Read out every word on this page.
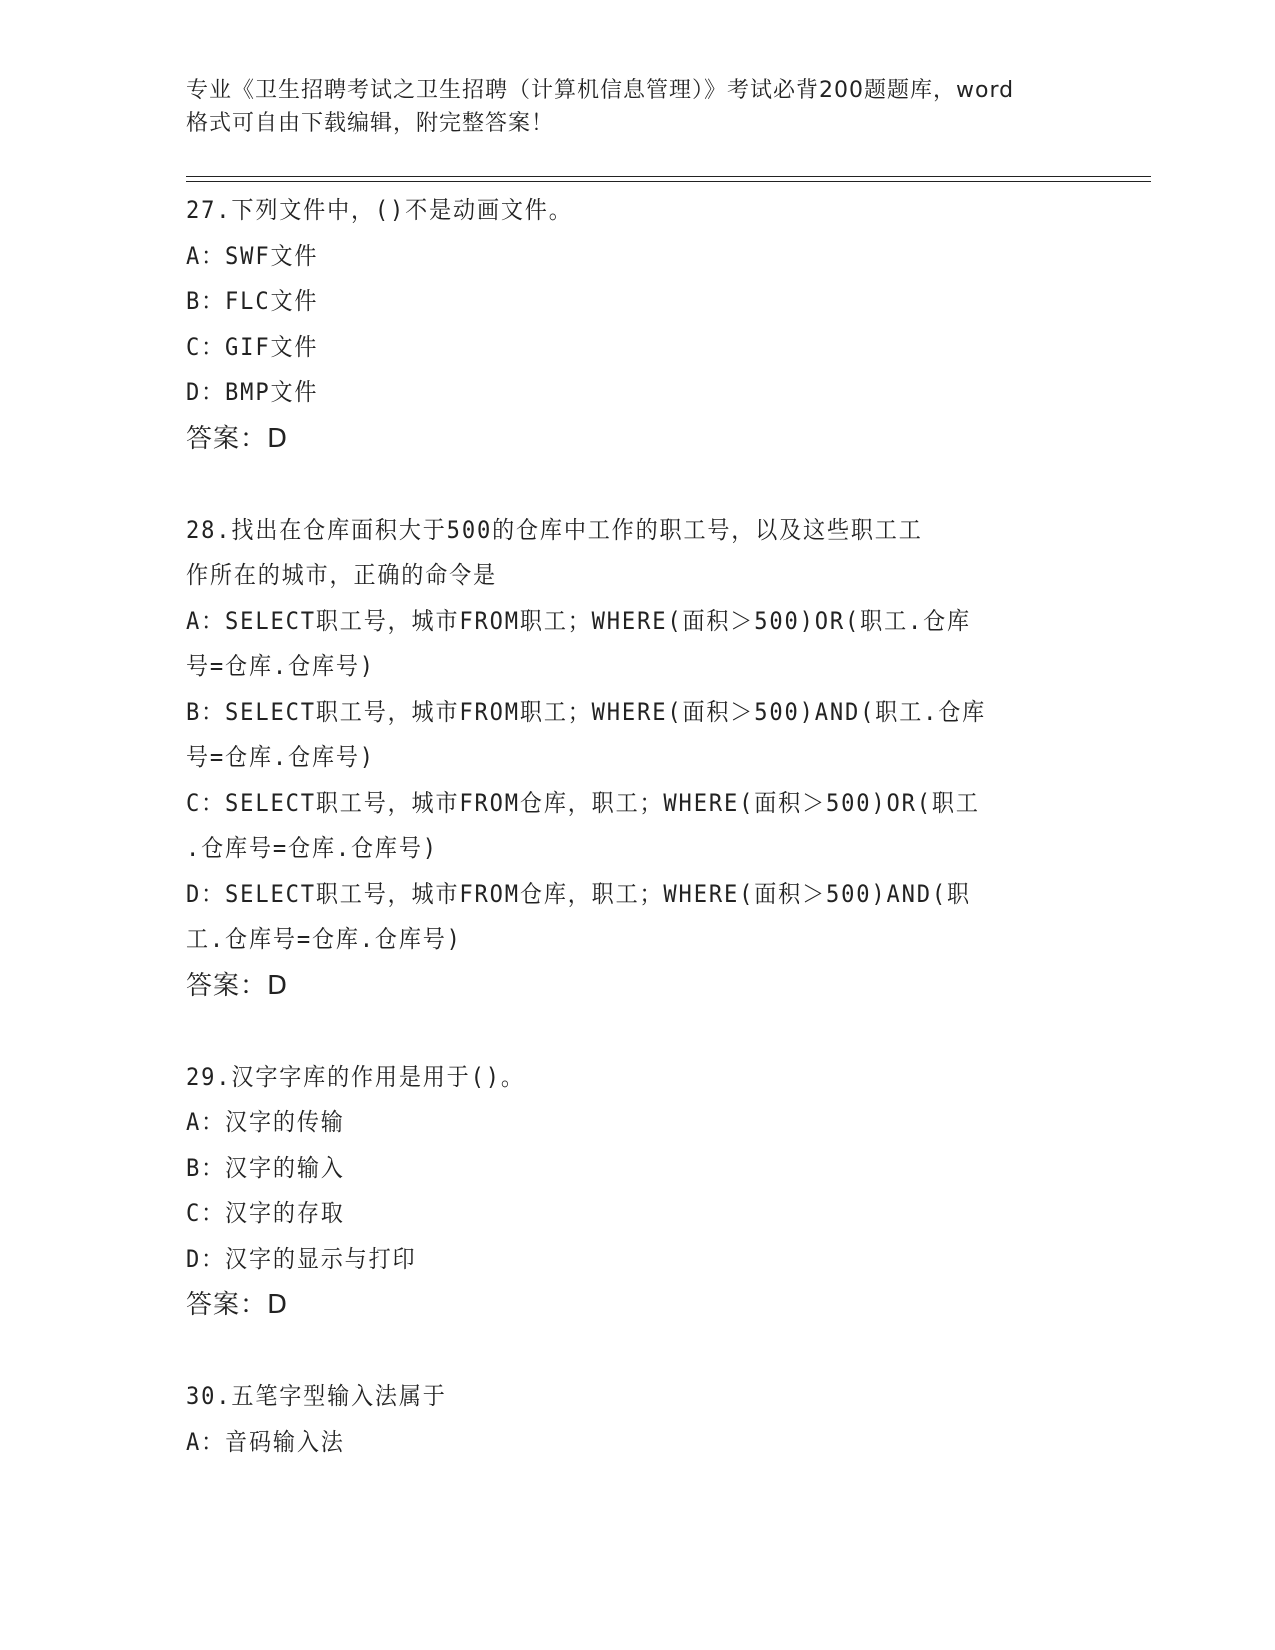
专业《卫生招聘考试之卫生招聘（计算机信息管理）》考试必背200题题库，word
格式可自由下载编辑，附完整答案！
27.下列文件中，()不是动画文件。
A：SWF文件
B：FLC文件
C：GIF文件
D：BMP文件
答案：D
28.找出在仓库面积大于500的仓库中工作的职工号，以及这些职工工
作所在的城市，正确的命令是
A：SELECT职工号，城市FROM职工；WHERE(面积＞500)OR(职工.仓库
号=仓库.仓库号)
B：SELECT职工号，城市FROM职工；WHERE(面积＞500)AND(职工.仓库
号=仓库.仓库号)
C：SELECT职工号，城市FROM仓库，职工；WHERE(面积＞500)OR(职工
.仓库号=仓库.仓库号)
D：SELECT职工号，城市FROM仓库，职工；WHERE(面积＞500)AND(职
工.仓库号=仓库.仓库号)
答案：D
29.汉字字库的作用是用于()。
A：汉字的传输
B：汉字的输入
C：汉字的存取
D：汉字的显示与打印
答案：D
30.五笔字型输入法属于
A：音码输入法
